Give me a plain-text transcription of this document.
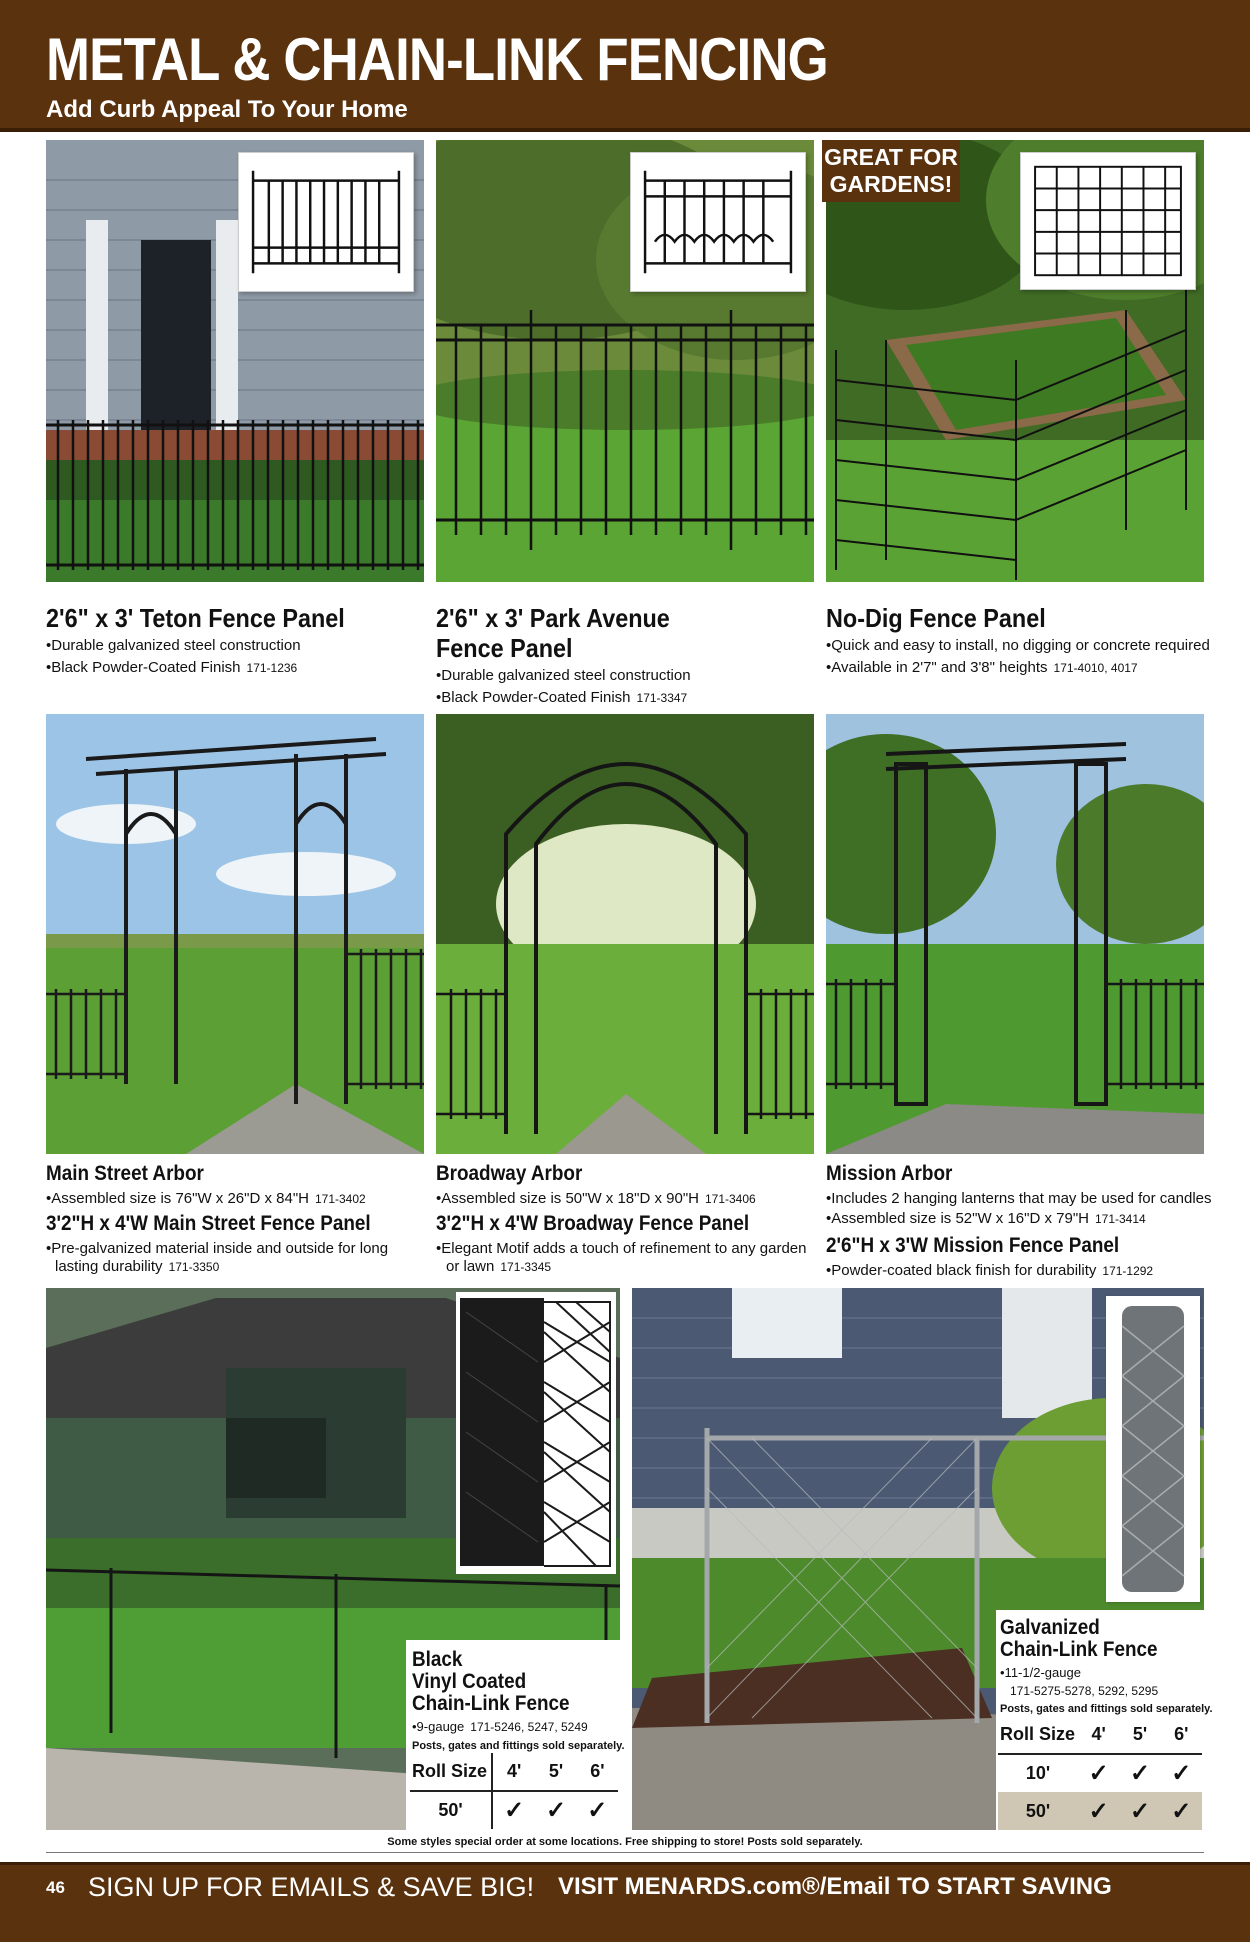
METAL & CHAIN-LINK FENCING
Add Curb Appeal To Your Home
GREAT FOR
GARDENS!
2'6" x 3' Teton Fence Panel
•Durable galvanized steel construction
•Black Powder-Coated Finish 171-1236
2'6" x 3' Park Avenue
Fence Panel
•Durable galvanized steel construction
•Black Powder-Coated Finish 171-3347
No-Dig Fence Panel
•Quick and easy to install, no digging or concrete required
•Available in 2'7" and 3'8" heights 171-4010, 4017
Main Street Arbor
•Assembled size is 76"W x 26"D x 84"H 171-3402
3'2"H x 4'W Main Street Fence Panel
•Pre-galvanized material inside and outside for long
lasting durability 171-3350
Broadway Arbor
•Assembled size is 50"W x 18"D x 90"H 171-3406
3'2"H x 4'W Broadway Fence Panel
•Elegant Motif adds a touch of refinement to any garden
or lawn 171-3345
Mission Arbor
•Includes 2 hanging lanterns that may be used for candles
•Assembled size is 52"W x 16"D x 79"H 171-3414
2'6"H x 3'W Mission Fence Panel
•Powder-coated black finish for durability 171-1292
Black
Vinyl Coated
Chain-Link Fence
•9-gauge 171-5246, 5247, 5249
Posts, gates and fittings sold separately.
Roll Size	4'	5'	6'
50'	✓	✓	✓
Galvanized
Chain-Link Fence
•11-1/2-gauge
171-5275-5278, 5292, 5295
Posts, gates and fittings sold separately.
Roll Size	4'	5'	6'
10'	✓	✓	✓
50'	✓	✓	✓
Some styles special order at some locations. Free shipping to store! Posts sold separately.
46 SIGN UP FOR EMAILS & SAVE BIG! VISIT MENARDS.com®/Email TO START SAVING
